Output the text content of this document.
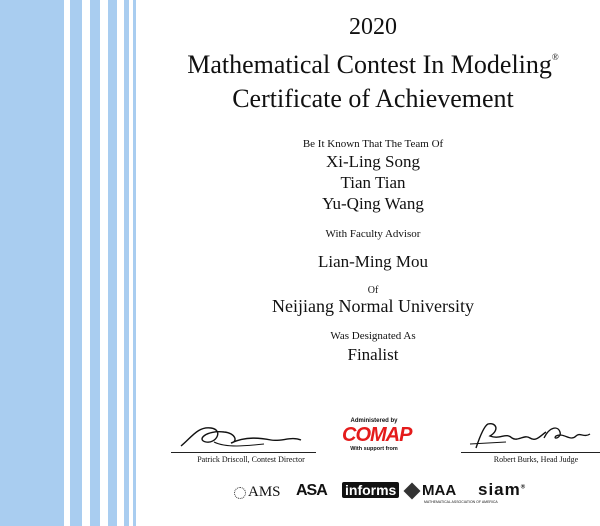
2020
Mathematical Contest In Modeling®
Certificate of Achievement
Be It Known That The Team Of
Xi-Ling Song
Tian Tian
Yu-Qing Wang
With Faculty Advisor
Lian-Ming Mou
Of
Neijiang Normal University
Was Designated As
Finalist
Patrick Driscoll, Contest Director
Administered by
COMAP
With support from
Robert Burks, Head Judge
AMS ASA informs	MAA
MATHEMATICAL ASSOCIATION OF AMERICA
siam®
